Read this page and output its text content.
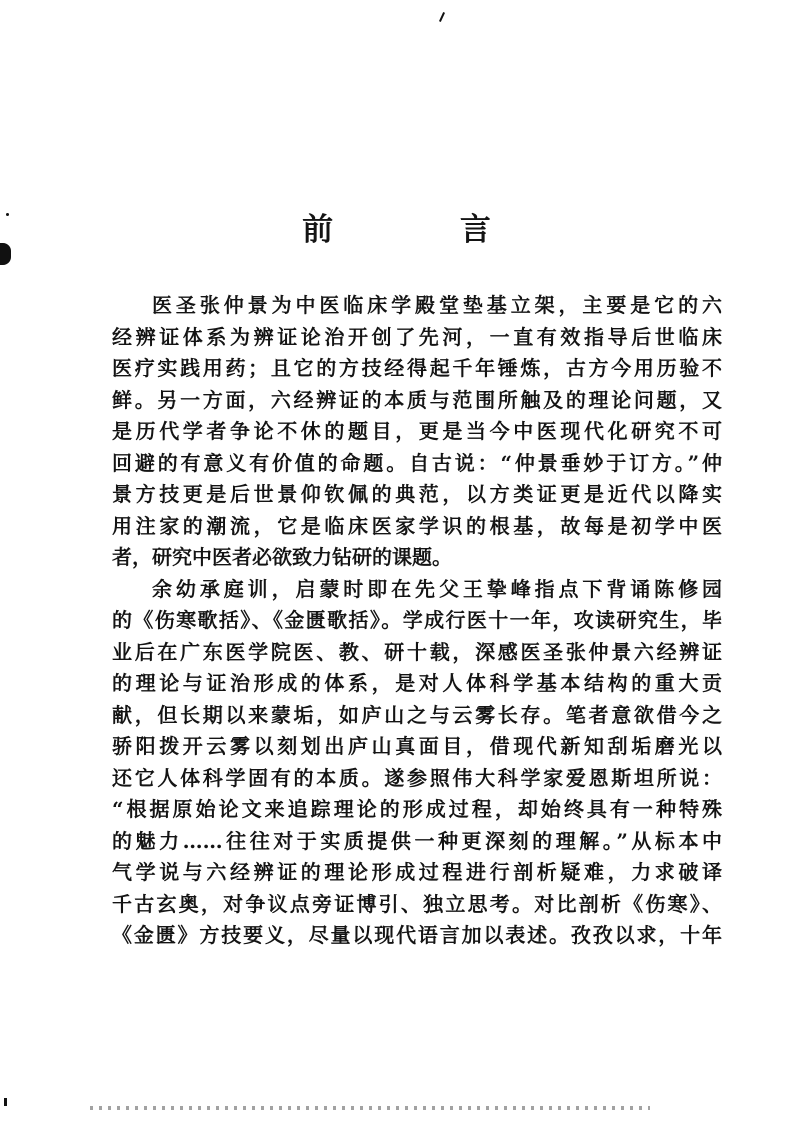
前 言

医圣张仲景为中医临床学殿堂垫基立架，主要是它的六
经辨证体系为辨证论治开创了先河，一直有效指导后世临床
医疗实践用药；且它的方技经得起千年锤炼，古方今用历验不
鲜。另一方面，六经辨证的本质与范围所触及的理论问题，又
是历代学者争论不休的题目，更是当今中医现代化研究不可
回避的有意义有价值的命题。自古说：“仲景垂妙于订方。”仲
景方技更是后世景仰钦佩的典范，以方类证更是近代以降实
用注家的潮流，它是临床医家学识的根基，故每是初学中医
者，研究中医者必欲致力钻研的课题。

余幼承庭训，启蒙时即在先父王挚峰指点下背诵陈修园
的《伤寒歌括》、《金匮歌括》。学成行医十一年，攻读研究生，毕
业后在广东医学院医、教、研十载，深感医圣张仲景六经辨证
的理论与证治形成的体系，是对人体科学基本结构的重大贡
献，但长期以来蒙垢，如庐山之与云雾长存。笔者意欲借今之
骄阳拨开云雾以刻划出庐山真面目，借现代新知刮垢磨光以
还它人体科学固有的本质。遂参照伟大科学家爱恩斯坦所说：
“根据原始论文来追踪理论的形成过程，却始终具有一种特殊
的魅力……往往对于实质提供一种更深刻的理解。”从标本中
气学说与六经辨证的理论形成过程进行剖析疑难，力求破译
千古玄奥，对争议点旁证博引、独立思考。对比剖析《伤寒》、
《金匮》方技要义，尽量以现代语言加以表述。孜孜以求，十年
